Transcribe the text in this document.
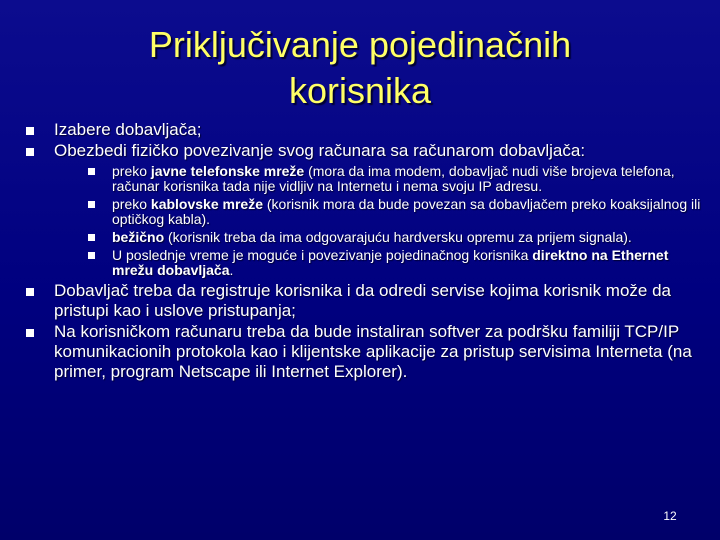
Priključivanje pojedinačnih
korisnika
Izabere dobavljača;
Obezbedi fizičko povezivanje svog računara sa računarom dobavljača:
preko javne telefonske mreže (mora da ima modem, dobavljač nudi više brojeva telefona, računar korisnika tada nije vidljiv na Internetu i nema svoju IP adresu.
preko kablovske mreže (korisnik mora da bude povezan sa dobavljačem preko koaksijalnog ili optičkog kabla).
bežično (korisnik treba da ima odgovarajuću hardversku opremu za prijem signala).
U poslednje vreme je moguće i povezivanje pojedinačnog korisnika direktno na Ethernet mrežu dobavljača.
Dobavljač treba da registruje korisnika i da odredi servise kojima korisnik može da pristupi kao i uslove pristupanja;
Na korisničkom računaru treba da bude instaliran softver za podršku familiji TCP/IP komunikacionih protokola kao i klijentske aplikacije za pristup servisima Interneta (na primer, program Netscape ili Internet Explorer).
12
